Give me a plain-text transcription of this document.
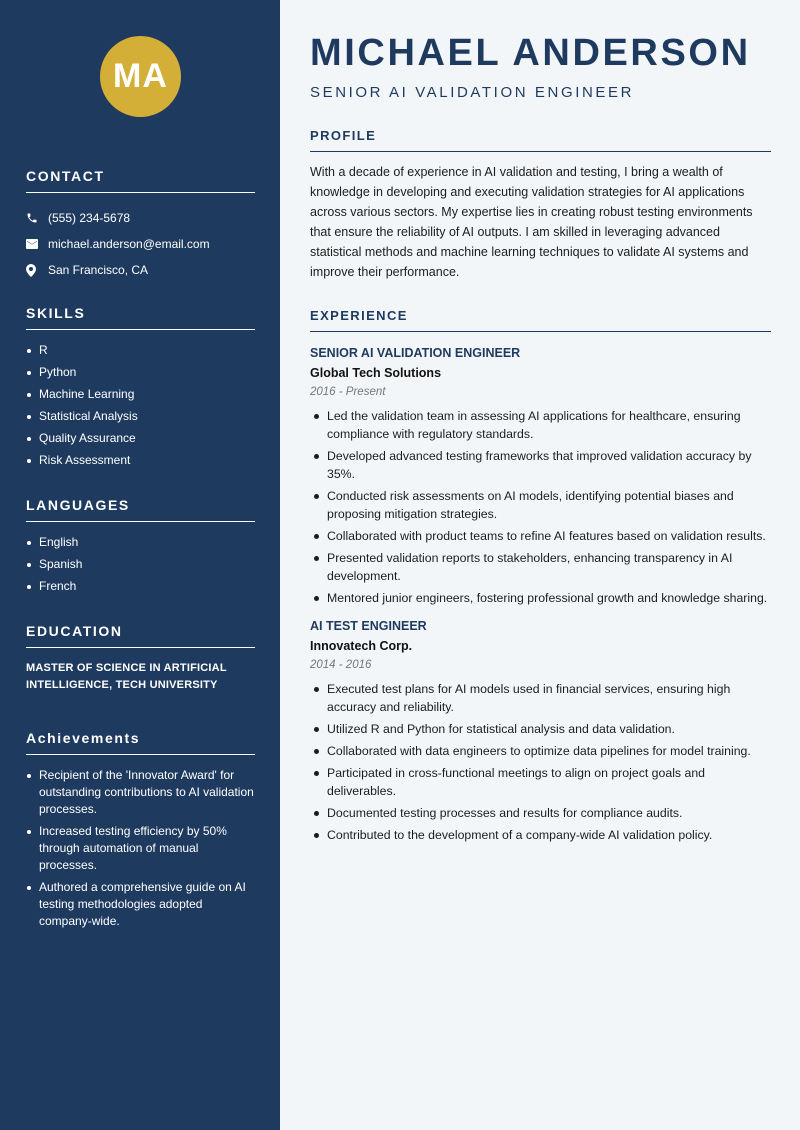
MA
CONTACT
(555) 234-5678
michael.anderson@email.com
San Francisco, CA
SKILLS
R
Python
Machine Learning
Statistical Analysis
Quality Assurance
Risk Assessment
LANGUAGES
English
Spanish
French
EDUCATION
MASTER OF SCIENCE IN ARTIFICIAL INTELLIGENCE, TECH UNIVERSITY
Achievements
Recipient of the 'Innovator Award' for outstanding contributions to AI validation processes.
Increased testing efficiency by 50% through automation of manual processes.
Authored a comprehensive guide on AI testing methodologies adopted company-wide.
MICHAEL ANDERSON
SENIOR AI VALIDATION ENGINEER
PROFILE
With a decade of experience in AI validation and testing, I bring a wealth of knowledge in developing and executing validation strategies for AI applications across various sectors. My expertise lies in creating robust testing environments that ensure the reliability of AI outputs. I am skilled in leveraging advanced statistical methods and machine learning techniques to validate AI systems and improve their performance.
EXPERIENCE
SENIOR AI VALIDATION ENGINEER
Global Tech Solutions
2016 - Present
Led the validation team in assessing AI applications for healthcare, ensuring compliance with regulatory standards.
Developed advanced testing frameworks that improved validation accuracy by 35%.
Conducted risk assessments on AI models, identifying potential biases and proposing mitigation strategies.
Collaborated with product teams to refine AI features based on validation results.
Presented validation reports to stakeholders, enhancing transparency in AI development.
Mentored junior engineers, fostering professional growth and knowledge sharing.
AI TEST ENGINEER
Innovatech Corp.
2014 - 2016
Executed test plans for AI models used in financial services, ensuring high accuracy and reliability.
Utilized R and Python for statistical analysis and data validation.
Collaborated with data engineers to optimize data pipelines for model training.
Participated in cross-functional meetings to align on project goals and deliverables.
Documented testing processes and results for compliance audits.
Contributed to the development of a company-wide AI validation policy.
